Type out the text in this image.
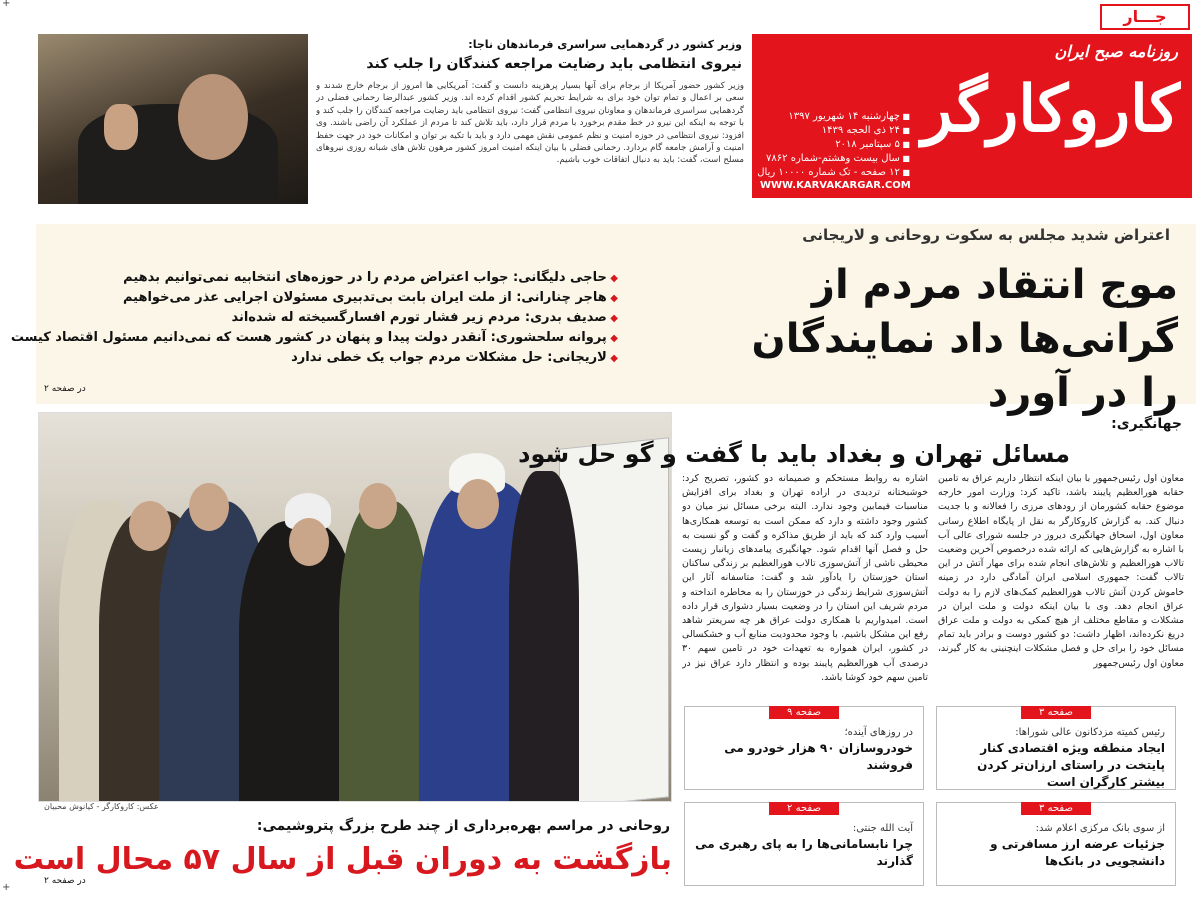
+
+
جـــار
روزنامه صبح ایران
کاروکارگر
■ چهارشنبه ۱۴ شهریور ۱۳۹۷
■ ۲۴ ذی الحجه ۱۴۳۹
■ ۵ سپتامبر ۲۰۱۸
■ سال بیست وهشتم-شماره ۷۸۶۲
■ ۱۲ صفحه - تک شماره ۱۰۰۰۰ ریال
WWW.KARVAKARGAR.COM
وزیر کشور در گردهمایی سراسری فرماندهان ناجا:
نیروی انتظامی باید رضایت مراجعه کنندگان را جلب کند
وزیر کشور حضور آمریکا از برجام برای آنها بسیار پرهزینه دانست و گفت: آمریکایی ها امروز از برجام خارج شدند و سعی بر اعمال و تمام توان خود برای به شرایط تحریم کشور اقدام کرده اند. وزیر کشور عبدالرضا رحمانی فضلی در گردهمایی سراسری فرماندهان و معاونان نیروی انتظامی گفت: نیروی انتظامی باید رضایت مراجعه کنندگان را جلب کند و با توجه به اینکه این نیرو در خط مقدم برخورد با مردم قرار دارد، باید تلاش کند تا مردم از عملکرد آن راضی باشند. وی افزود: نیروی انتظامی در حوزه امنیت و نظم عمومی نقش مهمی دارد و باید با تکیه بر توان و امکانات خود در جهت حفظ امنیت و آرامش جامعه گام بردارد. رحمانی فضلی با بیان اینکه امنیت امروز کشور مرهون تلاش های شبانه روزی نیروهای مسلح است، گفت: باید به دنبال اتفاقات خوب باشیم.
اعتراض شدید مجلس به سکوت روحانی و لاریجانی
موج انتقاد مردم از گرانی‌ها داد نمایندگان را در آورد
◆ حاجی دلیگانی: جواب اعتراض مردم را در حوزه‌های انتخابیه نمی‌توانیم بدهیم
◆ هاجر چنارانی: از ملت ایران بابت بی‌تدبیری مسئولان اجرایی عذر می‌خواهیم
◆ صدیف بدری: مردم زیر فشار تورم افسارگسیخته له شده‌اند
◆ پروانه سلحشوری: آنقدر دولت پیدا و پنهان در کشور هست که نمی‌دانیم مسئول اقتصاد کیست
◆ لاریجانی: حل مشکلات مردم جواب یک خطی ندارد
در صفحه ۲
عکس: کاروکارگر - کیانوش محبیان
روحانی در مراسم بهره‌برداری از چند طرح بزرگ پتروشیمی:
بازگشت به دوران قبل از سال ۵۷ محال است
در صفحه ۲
جهانگیری:
مسائل تهران و بغداد باید با گفت و گو حل شود
معاون اول رئیس‌جمهور با بیان اینکه انتظار داریم عراق به تامین حقابه هورالعظیم پایبند باشد، تاکید کرد: وزارت امور خارجه موضوع حقابه کشورمان از رودهای مرزی را فعالانه و با جدیت دنبال کند. به گزارش کاروکارگر به نقل از پایگاه اطلاع رسانی معاون اول، اسحاق جهانگیری دیروز در جلسه شورای عالی آب با اشاره به گزارش‌هایی که ارائه شده درخصوص آخرین وضعیت تالاب هورالعظیم و تلاش‌های انجام شده برای مهار آتش در این تالاب گفت: جمهوری اسلامی ایران آمادگی دارد در زمینه خاموش کردن آتش تالاب هورالعظیم کمک‌های لازم را به دولت عراق انجام دهد. وی با بیان اینکه دولت و ملت ایران در مشکلات و مقاطع مختلف از هیچ کمکی به دولت و ملت عراق دریغ نکرده‌اند، اظهار داشت: دو کشور دوست و برادر باید تمام مسائل خود را برای حل و فصل مشکلات اینچنینی به کار گیرند، معاون اول رئیس‌جمهور
اشاره به روابط مستحکم و صمیمانه دو کشور، تصریح کرد: خوشبختانه تردیدی در اراده تهران و بغداد برای افزایش مناسبات فیمابین وجود ندارد. البته برخی مسائل نیز میان دو کشور وجود داشته و دارد که ممکن است به توسعه همکاری‌ها آسیب وارد کند که باید از طریق مذاکره و گفت و گو نسبت به حل و فصل آنها اقدام شود. جهانگیری پیامدهای زیانبار زیست محیطی ناشی از آتش‌سوزی تالاب هورالعظیم بر زندگی ساکنان استان خوزستان را یادآور شد و گفت: متاسفانه آثار این آتش‌سوزی شرایط زندگی در خوزستان را به مخاطره انداخته و مردم شریف این استان را در وضعیت بسیار دشواری قرار داده است. امیدواریم با همکاری دولت عراق هر چه سریعتر شاهد رفع این مشکل باشیم. با وجود محدودیت منابع آب و خشکسالی در کشور، ایران همواره به تعهدات خود در تامین سهم ۳۰ درصدی آب هورالعظیم پایبند بوده و انتظار دارد عراق نیز در تامین سهم خود کوشا باشد.
صفحه ۳
رئیس کمیته مزدکانون عالی شوراها:
ایجاد منطقه ویژه اقتصادی کنار پایتخت در راستای ارزان‌تر کردن بیشتر کارگران است
صفحه ۹
در روزهای آینده؛
خودروسازان ۹۰ هزار خودرو می فروشند
صفحه ۳
از سوی بانک مرکزی اعلام شد:
جزئیات عرضه ارز مسافرتی و دانشجویی در بانک‌ها
صفحه ۲
آیت الله جنتی:
چرا نابسامانی‌ها را به پای رهبری می گذارند
